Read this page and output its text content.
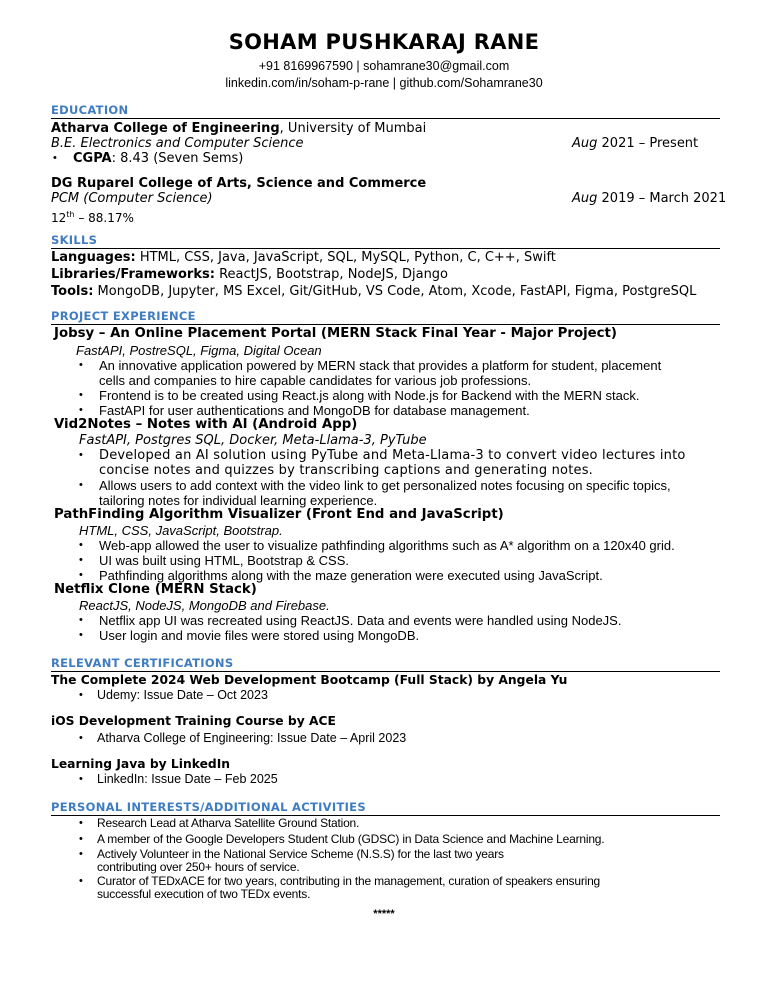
SOHAM PUSHKARAJ RANE
+91 8169967590 | sohamrane30@gmail.com
linkedin.com/in/soham-p-rane | github.com/Sohamrane30
EDUCATION
Atharva College of Engineering, University of Mumbai
B.E. Electronics and Computer Science	Aug 2021 – Present
• CGPA: 8.43 (Seven Sems)
DG Ruparel College of Arts, Science and Commerce
PCM (Computer Science)	Aug 2019 – March 2021
12th – 88.17%
SKILLS
Languages: HTML, CSS, Java, JavaScript, SQL, MySQL, Python, C, C++, Swift
Libraries/Frameworks: ReactJS, Bootstrap, NodeJS, Django
Tools: MongoDB, Jupyter, MS Excel, Git/GitHub, VS Code, Atom, Xcode, FastAPI, Figma, PostgreSQL
PROJECT EXPERIENCE
Jobsy – An Online Placement Portal (MERN Stack Final Year - Major Project)
FastAPI, PostreSQL, Figma, Digital Ocean
• An innovative application powered by MERN stack that provides a platform for student, placement
cells and companies to hire capable candidates for various job professions.
• Frontend is to be created using React.js along with Node.js for Backend with the MERN stack.
• FastAPI for user authentications and MongoDB for database management.
Vid2Notes – Notes with AI (Android App)
FastAPI, Postgres SQL, Docker, Meta-Llama-3, PyTube
• Developed an AI solution using PyTube and Meta-Llama-3 to convert video lectures into
concise notes and quizzes by transcribing captions and generating notes.
• Allows users to add context with the video link to get personalized notes focusing on specific topics,
tailoring notes for individual learning experience.
PathFinding Algorithm Visualizer (Front End and JavaScript)
HTML, CSS, JavaScript, Bootstrap.
• Web-app allowed the user to visualize pathfinding algorithms such as A* algorithm on a 120x40 grid.
• UI was built using HTML, Bootstrap & CSS.
• Pathfinding algorithms along with the maze generation were executed using JavaScript.
Netflix Clone (MERN Stack)
ReactJS, NodeJS, MongoDB and Firebase.
• Netflix app UI was recreated using ReactJS. Data and events were handled using NodeJS.
• User login and movie files were stored using MongoDB.
RELEVANT CERTIFICATIONS
The Complete 2024 Web Development Bootcamp (Full Stack) by Angela Yu
• Udemy: Issue Date – Oct 2023
iOS Development Training Course by ACE
• Atharva College of Engineering: Issue Date – April 2023
Learning Java by LinkedIn
• LinkedIn: Issue Date – Feb 2025
PERSONAL INTERESTS/ADDITIONAL ACTIVITIES
• Research Lead at Atharva Satellite Ground Station.
• A member of the Google Developers Student Club (GDSC) in Data Science and Machine Learning.
• Actively Volunteer in the National Service Scheme (N.S.S) for the last two years
contributing over 250+ hours of service.
• Curator of TEDxACE for two years, contributing in the management, curation of speakers ensuring
successful execution of two TEDx events.
*****
